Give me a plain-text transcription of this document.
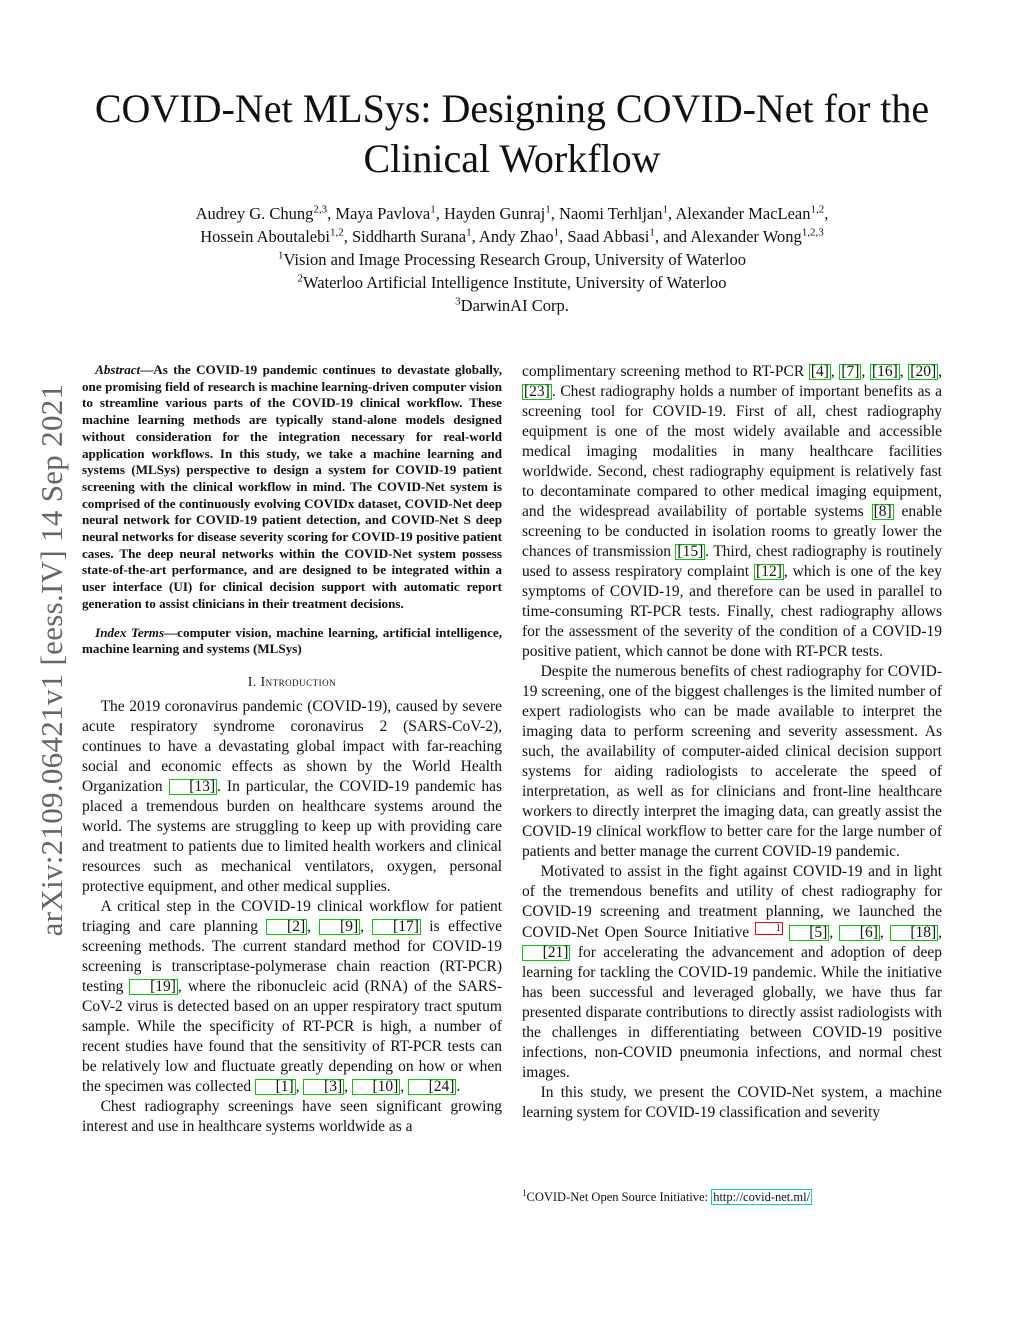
arXiv:2109.06421v1 [eess.IV] 14 Sep 2021
COVID-Net MLSys: Designing COVID-Net for the
Clinical Workflow
Audrey G. Chung$^{2,3}$, Maya Pavlova$^1$, Hayden Gunraj$^1$, Naomi Terhljan$^1$, Alexander MacLean$^{1,2}$,
Hossein Aboutalebi$^{1,2}$, Siddharth Surana$^1$, Andy Zhao$^1$, Saad Abbasi$^1$, and Alexander Wong$^{1,2,3}$
$^1$Vision and Image Processing Research Group, University of Waterloo
$^2$Waterloo Artificial Intelligence Institute, University of Waterloo
$^3$DarwinAI Corp.

Abstract—As the COVID-19 pandemic continues to devastate globally, one promising field of research is machine learning-driven computer vision to streamline various parts of the COVID-19 clinical workflow. These machine learning methods are typically stand-alone models designed without consideration for the integration necessary for real-world application workflows. In this study, we take a machine learning and systems (MLSys) perspective to design a system for COVID-19 patient screening with the clinical workflow in mind. The COVID-Net system is comprised of the continuously evolving COVIDx dataset, COVID-Net deep neural network for COVID-19 patient detection, and COVID-Net S deep neural networks for disease severity scoring for COVID-19 positive patient cases. The deep neural networks within the COVID-Net system possess state-of-the-art performance, and are designed to be integrated within a user interface (UI) for clinical decision support with automatic report generation to assist clinicians in their treatment decisions.

Index Terms—computer vision, machine learning, artificial intelligence, machine learning and systems (MLSys)

I. Introduction

The 2019 coronavirus pandemic (COVID-19), caused by severe acute respiratory syndrome coronavirus 2 (SARS-CoV-2), continues to have a devastating global impact with far-reaching social and economic effects as shown by the World Health Organization [13] . In particular, the COVID-19 pandemic has placed a tremendous burden on healthcare systems around the world. The systems are struggling to keep up with providing care and treatment to patients due to limited health workers and clinical resources such as mechanical ventilators, oxygen, personal protective equipment, and other medical supplies.

A critical step in the COVID-19 clinical workflow for patient triaging and care planning [2] , [9] , [17] is effective screening methods. The current standard method for COVID-19 screening is transcriptase-polymerase chain reaction (RT-PCR) testing [19] , where the ribonucleic acid (RNA) of the SARS-CoV-2 virus is detected based on an upper respiratory tract sputum sample. While the specificity of RT-PCR is high, a number of recent studies have found that the sensitivity of RT-PCR tests can be relatively low and fluctuate greatly depending on how or when the specimen was collected [1] , [3] , [10] , [24] .

Chest radiography screenings have seen significant growing interest and use in healthcare systems worldwide as a

complimentary screening method to RT-PCR [4] , [7] , [16] , [20] , [23] . Chest radiography holds a number of important benefits as a screening tool for COVID-19. First of all, chest radiography equipment is one of the most widely available and accessible medical imaging modalities in many healthcare facilities worldwide. Second, chest radiography equipment is relatively fast to decontaminate compared to other medical imaging equipment, and the widespread availability of portable systems [8] enable screening to be conducted in isolation rooms to greatly lower the chances of transmission [15] . Third, chest radiography is routinely used to assess respiratory complaint [12] , which is one of the key symptoms of COVID-19, and therefore can be used in parallel to time-consuming RT-PCR tests. Finally, chest radiography allows for the assessment of the severity of the condition of a COVID-19 positive patient, which cannot be done with RT-PCR tests.

Despite the numerous benefits of chest radiography for COVID-19 screening, one of the biggest challenges is the limited number of expert radiologists who can be made available to interpret the imaging data to perform screening and severity assessment. As such, the availability of computer-aided clinical decision support systems for aiding radiologists to accelerate the speed of interpretation, as well as for clinicians and front-line healthcare workers to directly interpret the imaging data, can greatly assist the COVID-19 clinical workflow to better care for the large number of patients and better manage the current COVID-19 pandemic.

Motivated to assist in the fight against COVID-19 and in light of the tremendous benefits and utility of chest radiography for COVID-19 screening and treatment planning, we launched the COVID-Net Open Source Initiative 1 [5] , [6] , [18] , [21] for accelerating the advancement and adoption of deep learning for tackling the COVID-19 pandemic. While the initiative has been successful and leveraged globally, we have thus far presented disparate contributions to directly assist radiologists with the challenges in differentiating between COVID-19 positive infections, non-COVID pneumonia infections, and normal chest images.

In this study, we present the COVID-Net system, a machine learning system for COVID-19 classification and severity

$^1$COVID-Net Open Source Initiative: http://covid-net.ml/
